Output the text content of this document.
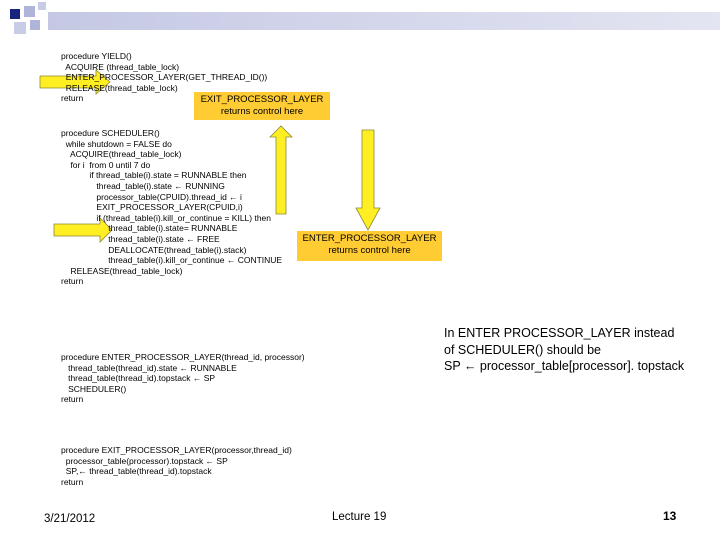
procedure YIELD()
ACQUIRE (thread_table_lock)
ENTER_PROCESSOR_LAYER(GET_THREAD_ID())
RELEASE(thread_table_lock)
return
procedure SCHEDULER()
while shutdown = FALSE do
ACQUIRE(thread_table_lock)
for i  from 0 until 7 do
if thread_table(i).state = RUNNABLE then
thread_table(i).state ← RUNNING
processor_table(CPUID).thread_id ← i
EXIT_PROCESSOR_LAYER(CPUID,i)
if (thread_table(i).kill_or_continue = KILL) then
thread_table(i).state= RUNNABLE
thread_table(i).state ← FREE
DEALLOCATE(thread_table(i).stack)
thread_table(i).kill_or_continue ← CONTINUE
RELEASE(thread_table_lock)
return
procedure ENTER_PROCESSOR_LAYER(thread_id, processor)
thread_table(thread_id).state ← RUNNABLE
thread_table(thread_id).topstack ← SP
SCHEDULER()
return
procedure EXIT_PROCESSOR_LAYER(processor,thread_id)
processor_table(processor).topstack ← SP
SP,← thread_table(thread_id).topstack
return
EXIT_PROCESSOR_LAYER
returns control here
ENTER_PROCESSOR_LAYER
returns control here
In ENTER PROCESSOR_LAYER instead
of SCHEDULER() should be
SP ← processor_table[processor]. topstack
3/21/2012	Lecture 19	13
